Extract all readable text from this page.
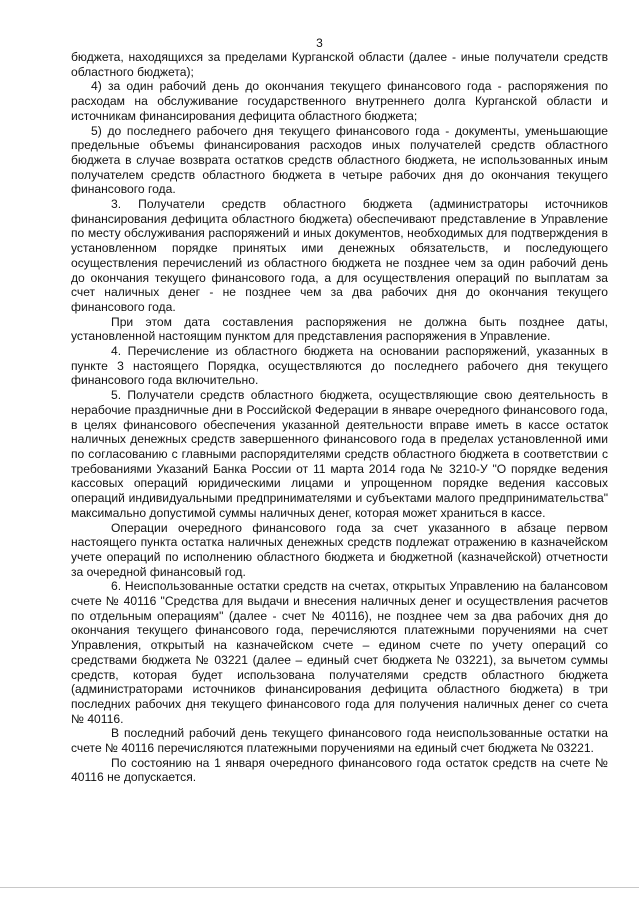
3

бюджета, находящихся за пределами Курганской области (далее - иные получатели средств областного бюджета);

4) за один рабочий день до окончания текущего финансового года - распоряжения по расходам на обслуживание государственного внутреннего долга Курганской области и источникам финансирования дефицита областного бюджета;

5) до последнего рабочего дня текущего финансового года - документы, уменьшающие предельные объемы финансирования расходов иных получателей средств областного бюджета в случае возврата остатков средств областного бюджета, не использованных иным получателем средств областного бюджета в четыре рабочих дня до окончания текущего финансового года.

3. Получатели средств областного бюджета (администраторы источников финансирования дефицита областного бюджета) обеспечивают представление в Управление по месту обслуживания распоряжений и иных документов, необходимых для подтверждения в установленном порядке принятых ими денежных обязательств, и последующего осуществления перечислений из областного бюджета не позднее чем за один рабочий день до окончания текущего финансового года, а для осуществления операций по выплатам за счет наличных денег - не позднее чем за два рабочих дня до окончания текущего финансового года.

При этом дата составления распоряжения не должна быть позднее даты, установленной настоящим пунктом для представления распоряжения в Управление.

4. Перечисление из областного бюджета на основании распоряжений, указанных в пункте 3 настоящего Порядка, осуществляются до последнего рабочего дня текущего финансового года включительно.

5. Получатели средств областного бюджета, осуществляющие свою деятельность в нерабочие праздничные дни в Российской Федерации в январе очередного финансового года, в целях финансового обеспечения указанной деятельности вправе иметь в кассе остаток наличных денежных средств завершенного финансового года в пределах установленной ими по согласованию с главными распорядителями средств областного бюджета в соответствии с требованиями Указаний Банка России от 11 марта 2014 года № 3210-У "О порядке ведения кассовых операций юридическими лицами и упрощенном порядке ведения кассовых операций индивидуальными предпринимателями и субъектами малого предпринимательства" максимально допустимой суммы наличных денег, которая может храниться в кассе.

Операции очередного финансового года за счет указанного в абзаце первом настоящего пункта остатка наличных денежных средств подлежат отражению в казначейском учете операций по исполнению областного бюджета и бюджетной (казначейской) отчетности за очередной финансовый год.

6. Неиспользованные остатки средств на счетах, открытых Управлению на балансовом счете № 40116 "Средства для выдачи и внесения наличных денег и осуществления расчетов по отдельным операциям" (далее - счет № 40116), не позднее чем за два рабочих дня до окончания текущего финансового года, перечисляются платежными поручениями на счет Управления, открытый на казначейском счете – едином счете по учету операций со средствами бюджета № 03221 (далее – единый счет бюджета № 03221), за вычетом суммы средств, которая будет использована получателями средств областного бюджета (администраторами источников финансирования дефицита областного бюджета) в три последних рабочих дня текущего финансового года для получения наличных денег со счета № 40116.

В последний рабочий день текущего финансового года неиспользованные остатки на счете № 40116 перечисляются платежными поручениями на единый счет бюджета № 03221.

По состоянию на 1 января очередного финансового года остаток средств на счете № 40116 не допускается.
